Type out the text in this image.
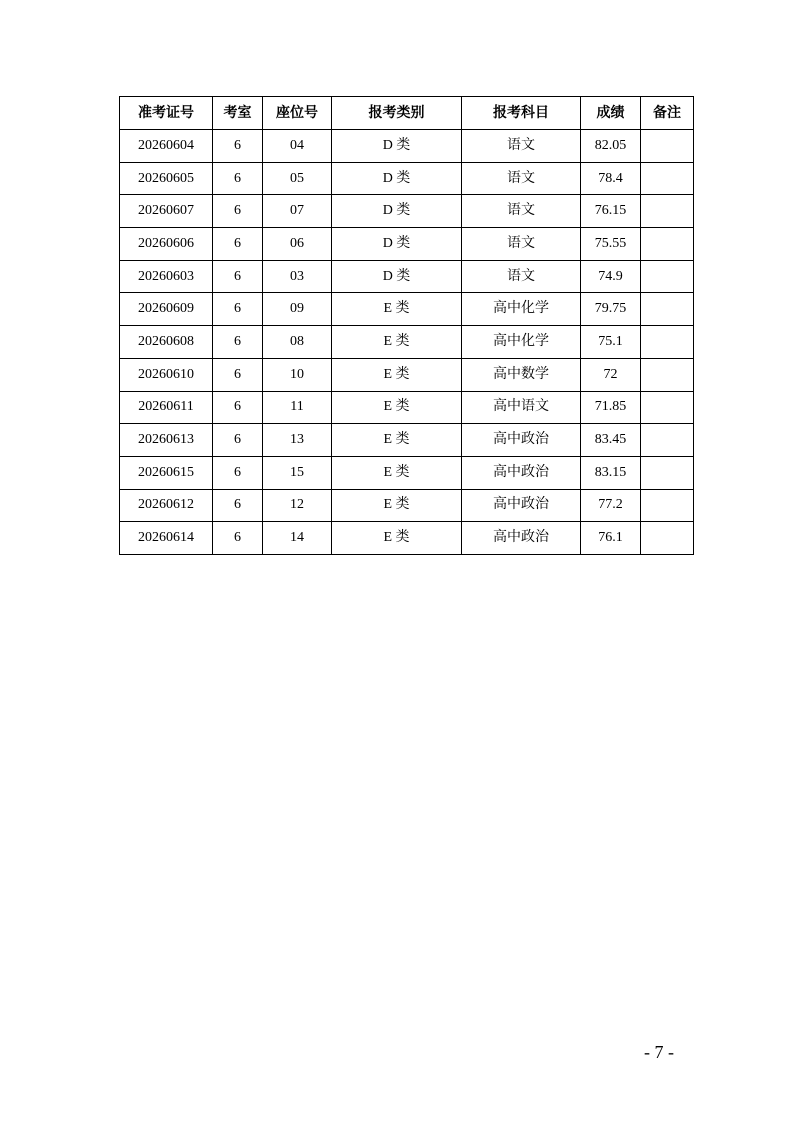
准考证号	考室	座位号	报考类别	报考科目	成绩	备注
20260604	6	04	D 类	语文	82.05	
20260605	6	05	D 类	语文	78.4	
20260607	6	07	D 类	语文	76.15	
20260606	6	06	D 类	语文	75.55	
20260603	6	03	D 类	语文	74.9	
20260609	6	09	E 类	高中化学	79.75	
20260608	6	08	E 类	高中化学	75.1	
20260610	6	10	E 类	高中数学	72	
20260611	6	11	E 类	高中语文	71.85	
20260613	6	13	E 类	高中政治	83.45	
20260615	6	15	E 类	高中政治	83.15	
20260612	6	12	E 类	高中政治	77.2	
20260614	6	14	E 类	高中政治	76.1	
- 7 -
